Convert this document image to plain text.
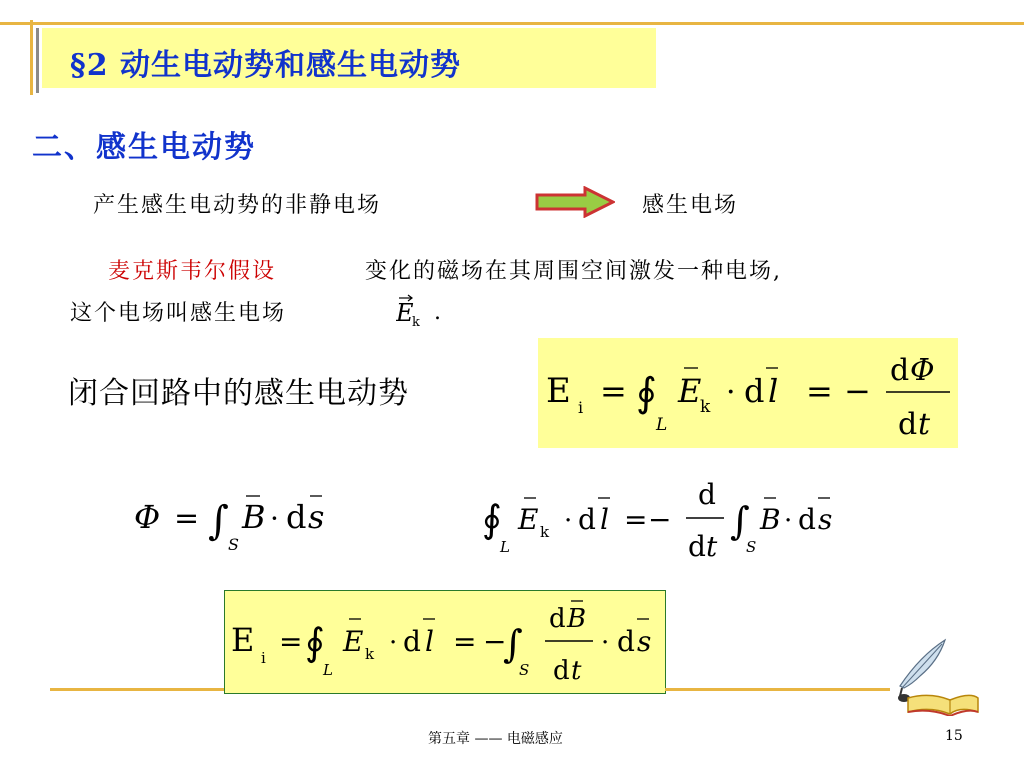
§2 动生电动势和感生电动势
二、感生电动势
产生感生电动势的非静电场	感生电场
麦克斯韦尔假设	变化的磁场在其周围空间激发一种电场,
这个电场叫感生电场	E
k .
闭合回路中的感生电动势	E i = ∮
L
E
k · d l = −
d Φ
d t
Φ = ∫
S
B · d s	∮
L
E k · d l = −
d
d t
∫
S
B · d s
E i = ∮
L
E k · d l = −
∫
S
d B
d t
· d s
第五章 —— 电磁感应	15
